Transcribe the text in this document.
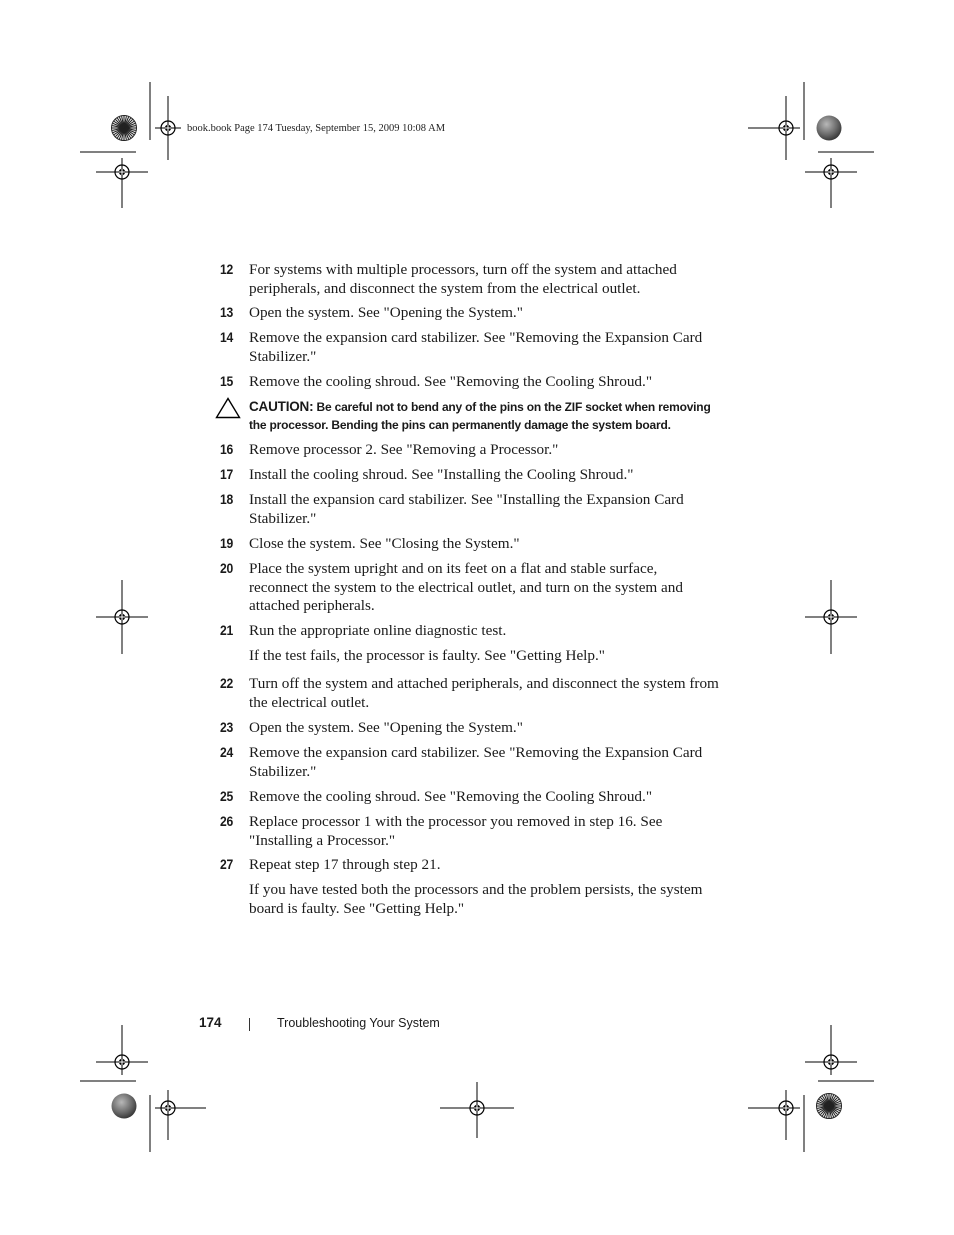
book.book Page 174 Tuesday, September 15, 2009 10:08 AM
12 For systems with multiple processors, turn off the system and attached peripherals, and disconnect the system from the electrical outlet.
13 Open the system. See "Opening the System."
14 Remove the expansion card stabilizer. See "Removing the Expansion Card Stabilizer."
15 Remove the cooling shroud. See "Removing the Cooling Shroud."
CAUTION: Be careful not to bend any of the pins on the ZIF socket when removing the processor. Bending the pins can permanently damage the system board.
16 Remove processor 2. See "Removing a Processor."
17 Install the cooling shroud. See "Installing the Cooling Shroud."
18 Install the expansion card stabilizer. See "Installing the Expansion Card Stabilizer."
19 Close the system. See "Closing the System."
20 Place the system upright and on its feet on a flat and stable surface, reconnect the system to the electrical outlet, and turn on the system and attached peripherals.
21 Run the appropriate online diagnostic test.
If the test fails, the processor is faulty. See "Getting Help."
22 Turn off the system and attached peripherals, and disconnect the system from the electrical outlet.
23 Open the system. See "Opening the System."
24 Remove the expansion card stabilizer. See "Removing the Expansion Card Stabilizer."
25 Remove the cooling shroud. See "Removing the Cooling Shroud."
26 Replace processor 1 with the processor you removed in step 16. See "Installing a Processor."
27 Repeat step 17 through step 21.
If you have tested both the processors and the problem persists, the system board is faulty. See "Getting Help."
174	Troubleshooting Your System
